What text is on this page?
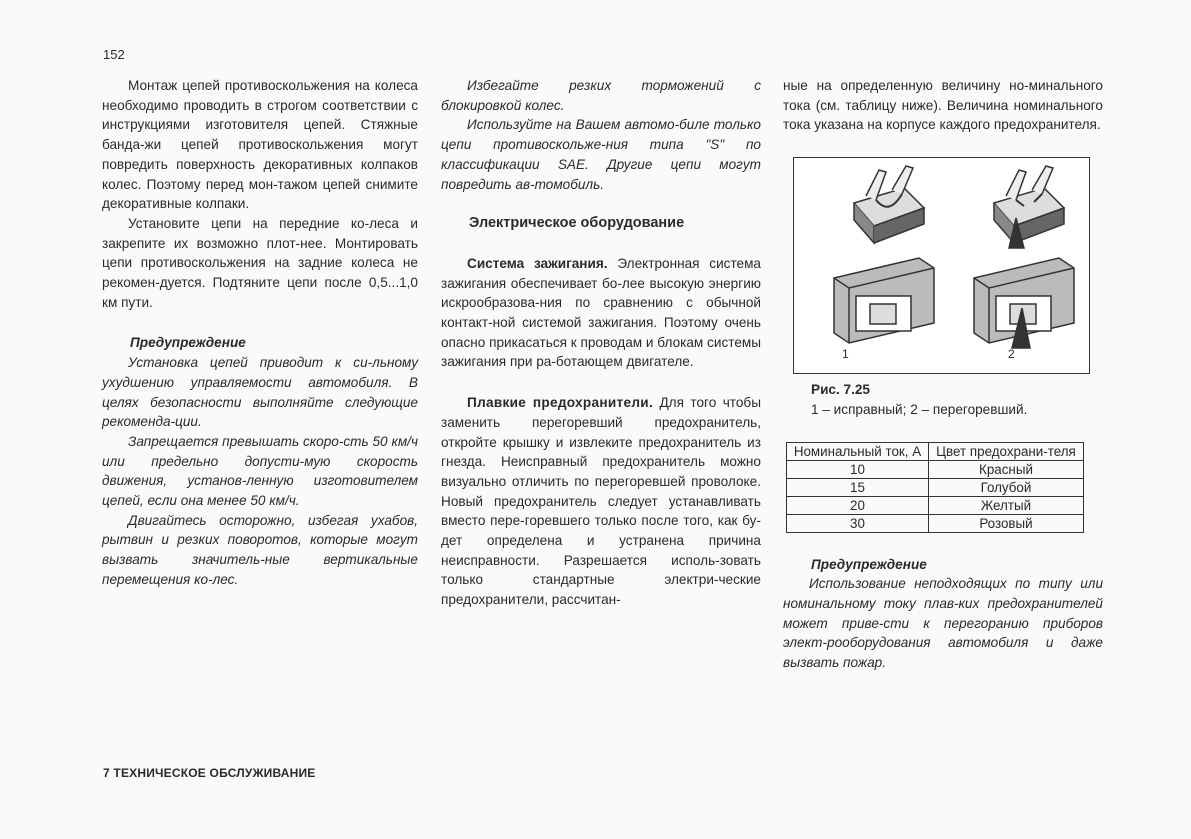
152

Монтаж цепей противоскольжения на колеса необходимо проводить в строгом соответствии с инструкциями изготовителя цепей. Стяжные банда-жи цепей противоскольжения могут повредить поверхность декоративных колпаков колес. Поэтому перед мон-тажом цепей снимите декоративные колпаки.

Установите цепи на передние ко-леса и закрепите их возможно плот-нее. Монтировать цепи противоскольжения на задние колеса не рекомен-дуется. Подтяните цепи после 0,5...1,0 км пути.

Предупреждение

Установка цепей приводит к си-льному ухудшению управляемости автомобиля. В целях безопасности выполняйте следующие рекоменда-ции.

Запрещается превышать скоро-сть 50 км/ч или предельно допусти-мую скорость движения, установ-ленную изготовителем цепей, если она менее 50 км/ч.

Двигайтесь осторожно, избегая ухабов, рытвин и резких поворотов, которые могут вызвать значитель-ные вертикальные перемещения ко-лес.

Избегайте резких торможений с блокировкой колес.

Используйте на Вашем автомо-биле только цепи противоскольже-ния типа "S" по классификации SAE. Другие цепи могут повредить ав-томобиль.

Электрическое оборудование

Система зажигания. Электронная система зажигания обеспечивает бо-лее высокую энергию искрообразова-ния по сравнению с обычной контакт-ной системой зажигания. Поэтому очень опасно прикасаться к проводам и блокам системы зажигания при ра-ботающем двигателе.

Плавкие предохранители. Для того чтобы заменить перегоревший предохранитель, откройте крышку и извлеките предохранитель из гнезда. Неисправный предохранитель можно визуально отличить по перегоревшей проволоке. Новый предохранитель следует устанавливать вместо пере-горевшего только после того, как бу-дет определена и устранена причина неисправности. Разрешается исполь-зовать только стандартные электри-ческие предохранители, рассчитан-

ные на определенную величину но-минального тока (см. таблицу ниже). Величина номинального тока указана на корпусе каждого предохранителя.

1	2

Рис. 7.25

1 – исправный; 2 – перегоревший.

Номинальный ток, А	Цвет предохрани-теля
10	Красный
15	Голубой
20	Желтый
30	Розовый

Предупреждение

Использование неподходящих по типу или номинальному току плав-ких предохранителей может приве-сти к перегоранию приборов элект-рооборудования автомобиля и даже вызвать пожар.

7 ТЕХНИЧЕСКОЕ ОБСЛУЖИВАНИЕ
